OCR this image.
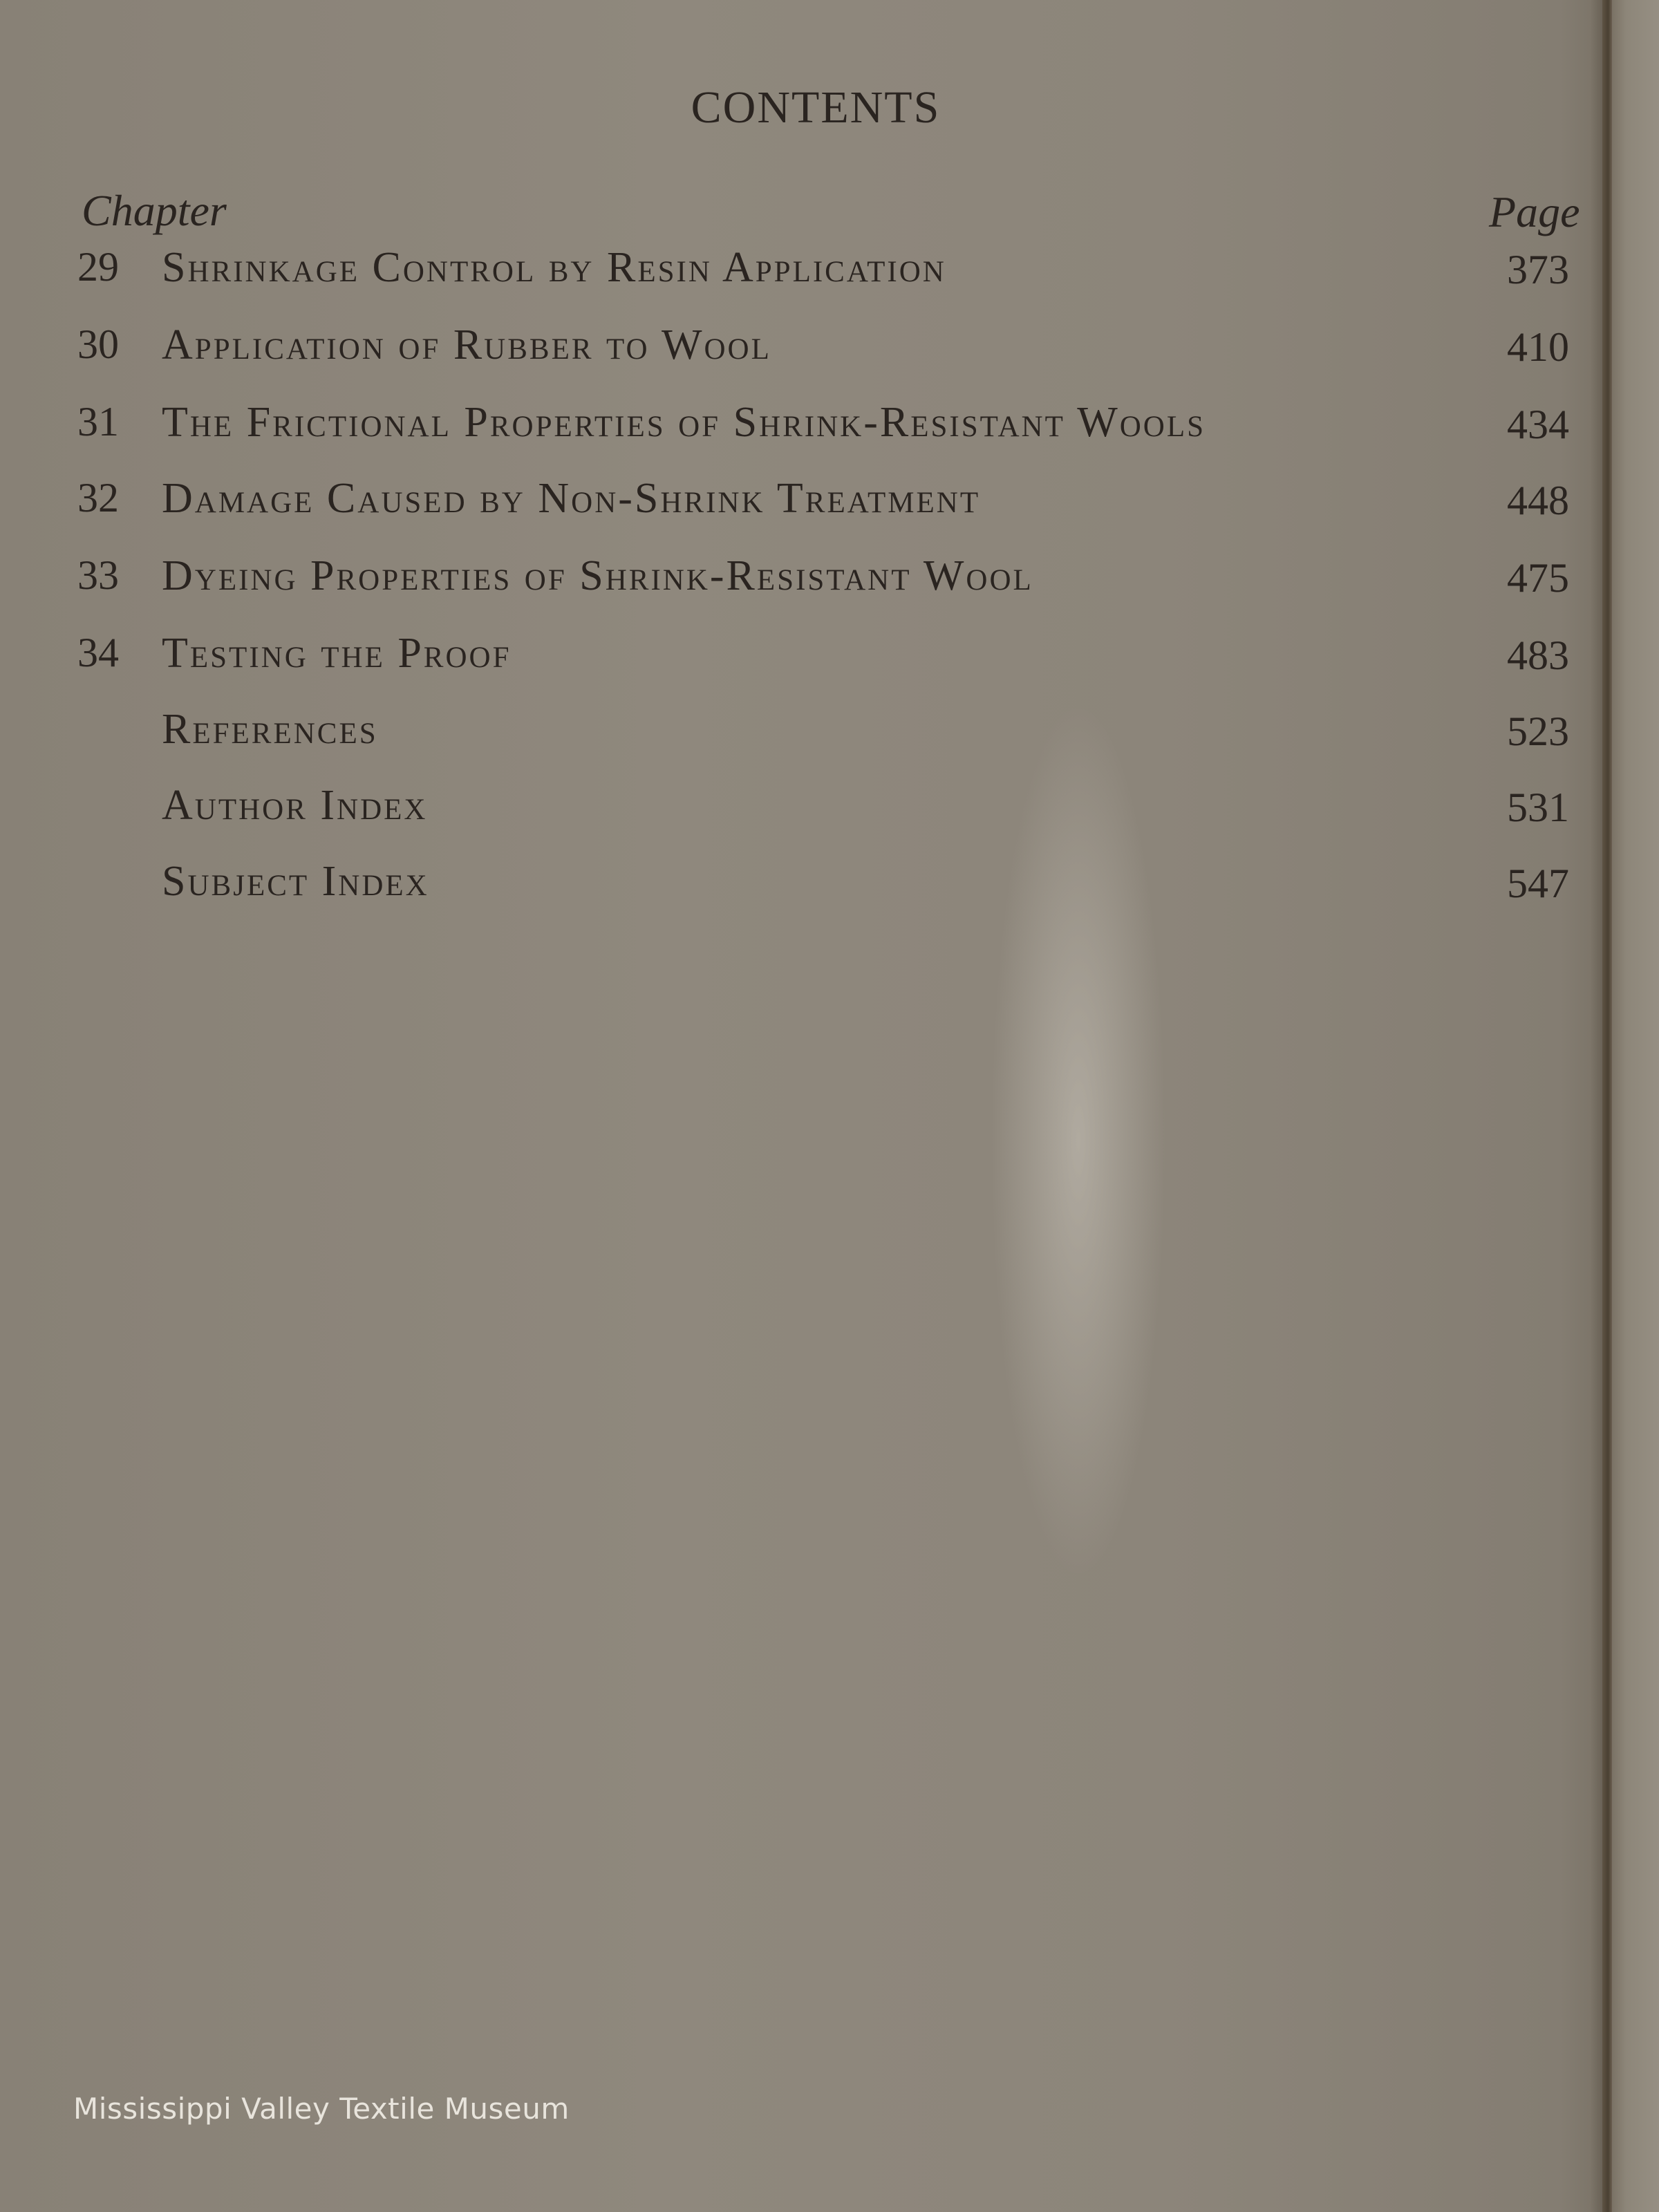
CONTENTS
Chapter	Page
29 Shrinkage Control by Resin Application	373
30 Application of Rubber to Wool	410
31 The Frictional Properties of Shrink-Resistant Wools	434
32 Damage Caused by Non-Shrink Treatment	448
33 Dyeing Properties of Shrink-Resistant Wool	475
34 Testing the Proof	483
References	523
Author Index	531
Subject Index	547
Mississippi Valley Textile Museum
